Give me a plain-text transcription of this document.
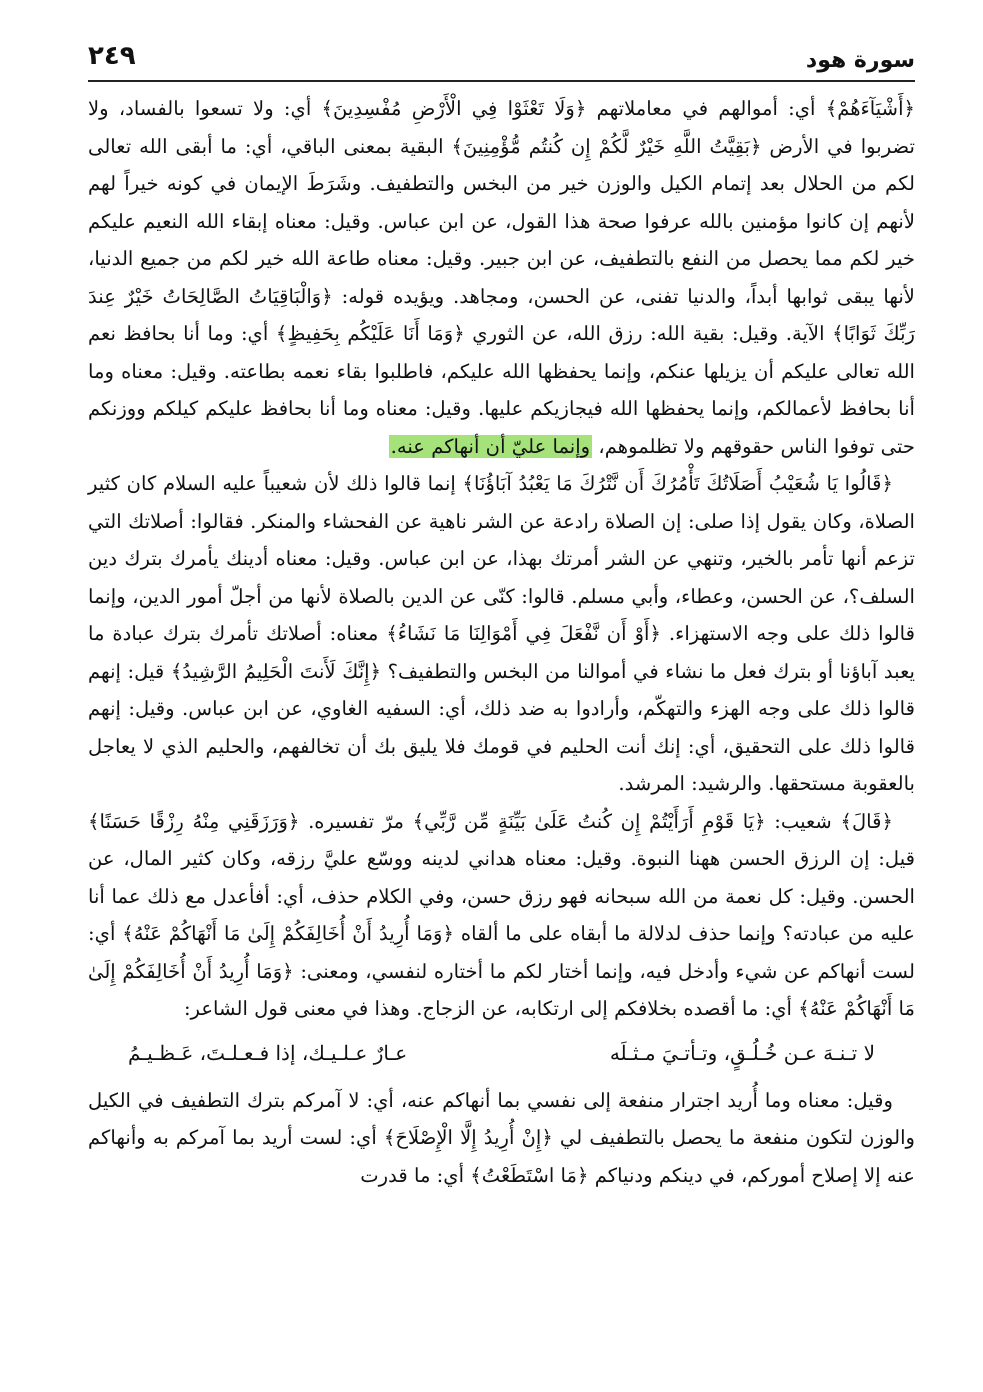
سورة هود
٢٤٩

﴿أَشْيَآءَهُمْ﴾ أي: أموالهم في معاملاتهم ﴿وَلَا تَعْثَوْا فِي الْأَرْضِ مُفْسِدِينَ﴾ أي: ولا تسعوا بالفساد، ولا تضربوا في الأرض ﴿بَقِيَّتُ اللَّهِ خَيْرٌ لَّكُمْ إِن كُنتُم مُّؤْمِنِينَ﴾ البقية بمعنى الباقي، أي: ما أبقى الله تعالى لكم من الحلال بعد إتمام الكيل والوزن خير من البخس والتطفيف. وشَرَطَ الإيمان في كونه خيراً لهم لأنهم إن كانوا مؤمنين بالله عرفوا صحة هذا القول، عن ابن عباس. وقيل: معناه إبقاء الله النعيم عليكم خير لكم مما يحصل من النفع بالتطفيف، عن ابن جبير. وقيل: معناه طاعة الله خير لكم من جميع الدنيا، لأنها يبقى ثوابها أبداً، والدنيا تفنى، عن الحسن، ومجاهد. ويؤيده قوله: ﴿وَالْبَاقِيَاتُ الصَّالِحَاتُ خَيْرٌ عِندَ رَبِّكَ ثَوَابًا﴾ الآية. وقيل: بقية الله: رزق الله، عن الثوري ﴿وَمَا أَنَا عَلَيْكُم بِحَفِيظٍ﴾ أي: وما أنا بحافظ نعم الله تعالى عليكم أن يزيلها عنكم، وإنما يحفظها الله عليكم، فاطلبوا بقاء نعمه بطاعته. وقيل: معناه وما أنا بحافظ لأعمالكم، وإنما يحفظها الله فيجازيكم عليها. وقيل: معناه وما أنا بحافظ عليكم كيلكم ووزنكم حتى توفوا الناس حقوقهم ولا تظلموهم، وإنما عليّ أن أنهاكم عنه.

﴿قَالُوا يَا شُعَيْبُ أَصَلَاتُكَ تَأْمُرُكَ أَن نَّتْرُكَ مَا يَعْبُدُ آبَاؤُنَا﴾ إنما قالوا ذلك لأن شعيباً عليه السلام كان كثير الصلاة، وكان يقول إذا صلى: إن الصلاة رادعة عن الشر ناهية عن الفحشاء والمنكر. فقالوا: أصلاتك التي تزعم أنها تأمر بالخير، وتنهي عن الشر أمرتك بهذا، عن ابن عباس. وقيل: معناه أدينك يأمرك بترك دين السلف؟، عن الحسن، وعطاء، وأبي مسلم. قالوا: كنّى عن الدين بالصلاة لأنها من أجلّ أمور الدين، وإنما قالوا ذلك على وجه الاستهزاء. ﴿أَوْ أَن نَّفْعَلَ فِي أَمْوَالِنَا مَا نَشَاءُ﴾ معناه: أصلاتك تأمرك بترك عبادة ما يعبد آباؤنا أو بترك فعل ما نشاء في أموالنا من البخس والتطفيف؟ ﴿إِنَّكَ لَأَنتَ الْحَلِيمُ الرَّشِيدُ﴾ قيل: إنهم قالوا ذلك على وجه الهزء والتهكّم، وأرادوا به ضد ذلك، أي: السفيه الغاوي، عن ابن عباس. وقيل: إنهم قالوا ذلك على التحقيق، أي: إنك أنت الحليم في قومك فلا يليق بك أن تخالفهم، والحليم الذي لا يعاجل بالعقوبة مستحقها. والرشيد: المرشد.

﴿قَالَ﴾ شعيب: ﴿يَا قَوْمِ أَرَأَيْتُمْ إِن كُنتُ عَلَىٰ بَيِّنَةٍ مِّن رَّبِّي﴾ مرّ تفسيره. ﴿وَرَزَقَنِي مِنْهُ رِزْقًا حَسَنًا﴾ قيل: إن الرزق الحسن ههنا النبوة. وقيل: معناه هداني لدينه ووسّع عليَّ رزقه، وكان كثير المال، عن الحسن. وقيل: كل نعمة من الله سبحانه فهو رزق حسن، وفي الكلام حذف، أي: أفأعدل مع ذلك عما أنا عليه من عبادته؟ وإنما حذف لدلالة ما أبقاه على ما ألقاه ﴿وَمَا أُرِيدُ أَنْ أُخَالِفَكُمْ إِلَىٰ مَا أَنْهَاكُمْ عَنْهُ﴾ أي: لست أنهاكم عن شيء وأدخل فيه، وإنما أختار لكم ما أختاره لنفسي، ومعنى: ﴿وَمَا أُرِيدُ أَنْ أُخَالِفَكُمْ إِلَىٰ مَا أَنْهَاكُمْ عَنْهُ﴾ أي: ما أقصده بخلافكم إلى ارتكابه، عن الزجاج. وهذا في معنى قول الشاعر:

لا تـنـهَ عـن خُـلُـقٍ، وتـأتـيَ مـثـلَه
عـارٌ عـلـيـك، إذا فـعـلـتَ، عَـظـيـمُ

وقيل: معناه وما أُريد اجترار منفعة إلى نفسي بما أنهاكم عنه، أي: لا آمركم بترك التطفيف في الكيل والوزن لتكون منفعة ما يحصل بالتطفيف لي ﴿إِنْ أُرِيدُ إِلَّا الْإِصْلَاحَ﴾ أي: لست أريد بما آمركم به وأنهاكم عنه إلا إصلاح أموركم، في دينكم ودنياكم ﴿مَا اسْتَطَعْتُ﴾ أي: ما قدرت
